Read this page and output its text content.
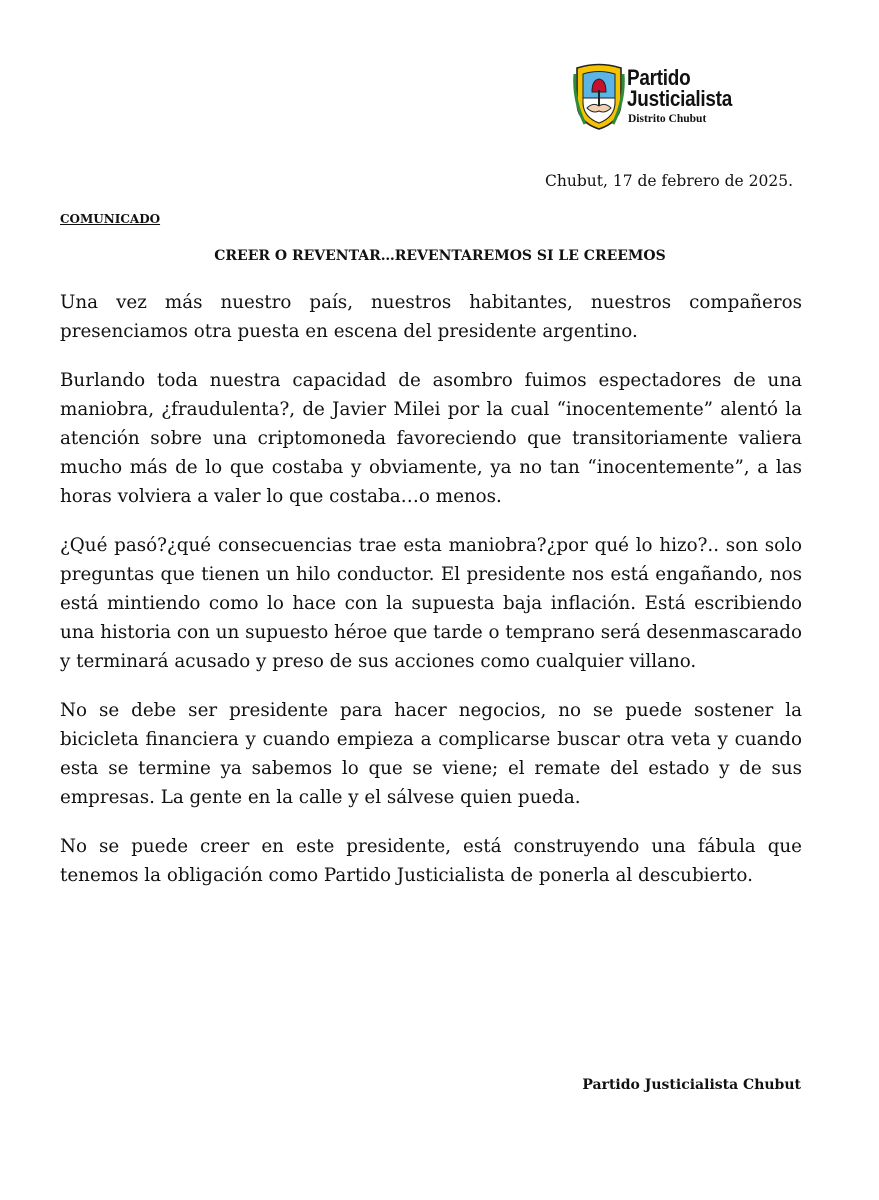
Partido
Justicialista
Distrito Chubut
Chubut, 17 de febrero de 2025.
COMUNICADO
CREER O REVENTAR…REVENTAREMOS SI LE CREEMOS

Una vez más nuestro país, nuestros habitantes, nuestros compañeros presenciamos otra puesta en escena del presidente argentino.

Burlando toda nuestra capacidad de asombro fuimos espectadores de una maniobra, ¿fraudulenta?, de Javier Milei por la cual “inocentemente” alentó la atención sobre una criptomoneda favoreciendo que transitoriamente valiera mucho más de lo que costaba y obviamente, ya no tan “inocentemente”, a las horas volviera a valer lo que costaba…o menos.

¿Qué pasó?¿qué consecuencias trae esta maniobra?¿por qué lo hizo?.. son solo preguntas que tienen un hilo conductor. El presidente nos está engañando, nos está mintiendo como lo hace con la supuesta baja inflación. Está escribiendo una historia con un supuesto héroe que tarde o temprano será desenmascarado y terminará acusado y preso de sus acciones como cualquier villano.

No se debe ser presidente para hacer negocios, no se puede sostener la bicicleta financiera y cuando empieza a complicarse buscar otra veta y cuando esta se termine ya sabemos lo que se viene; el remate del estado y de sus empresas. La gente en la calle y el sálvese quien pueda.

No se puede creer en este presidente, está construyendo una fábula que tenemos la obligación como Partido Justicialista de ponerla al descubierto.

Partido Justicialista Chubut
